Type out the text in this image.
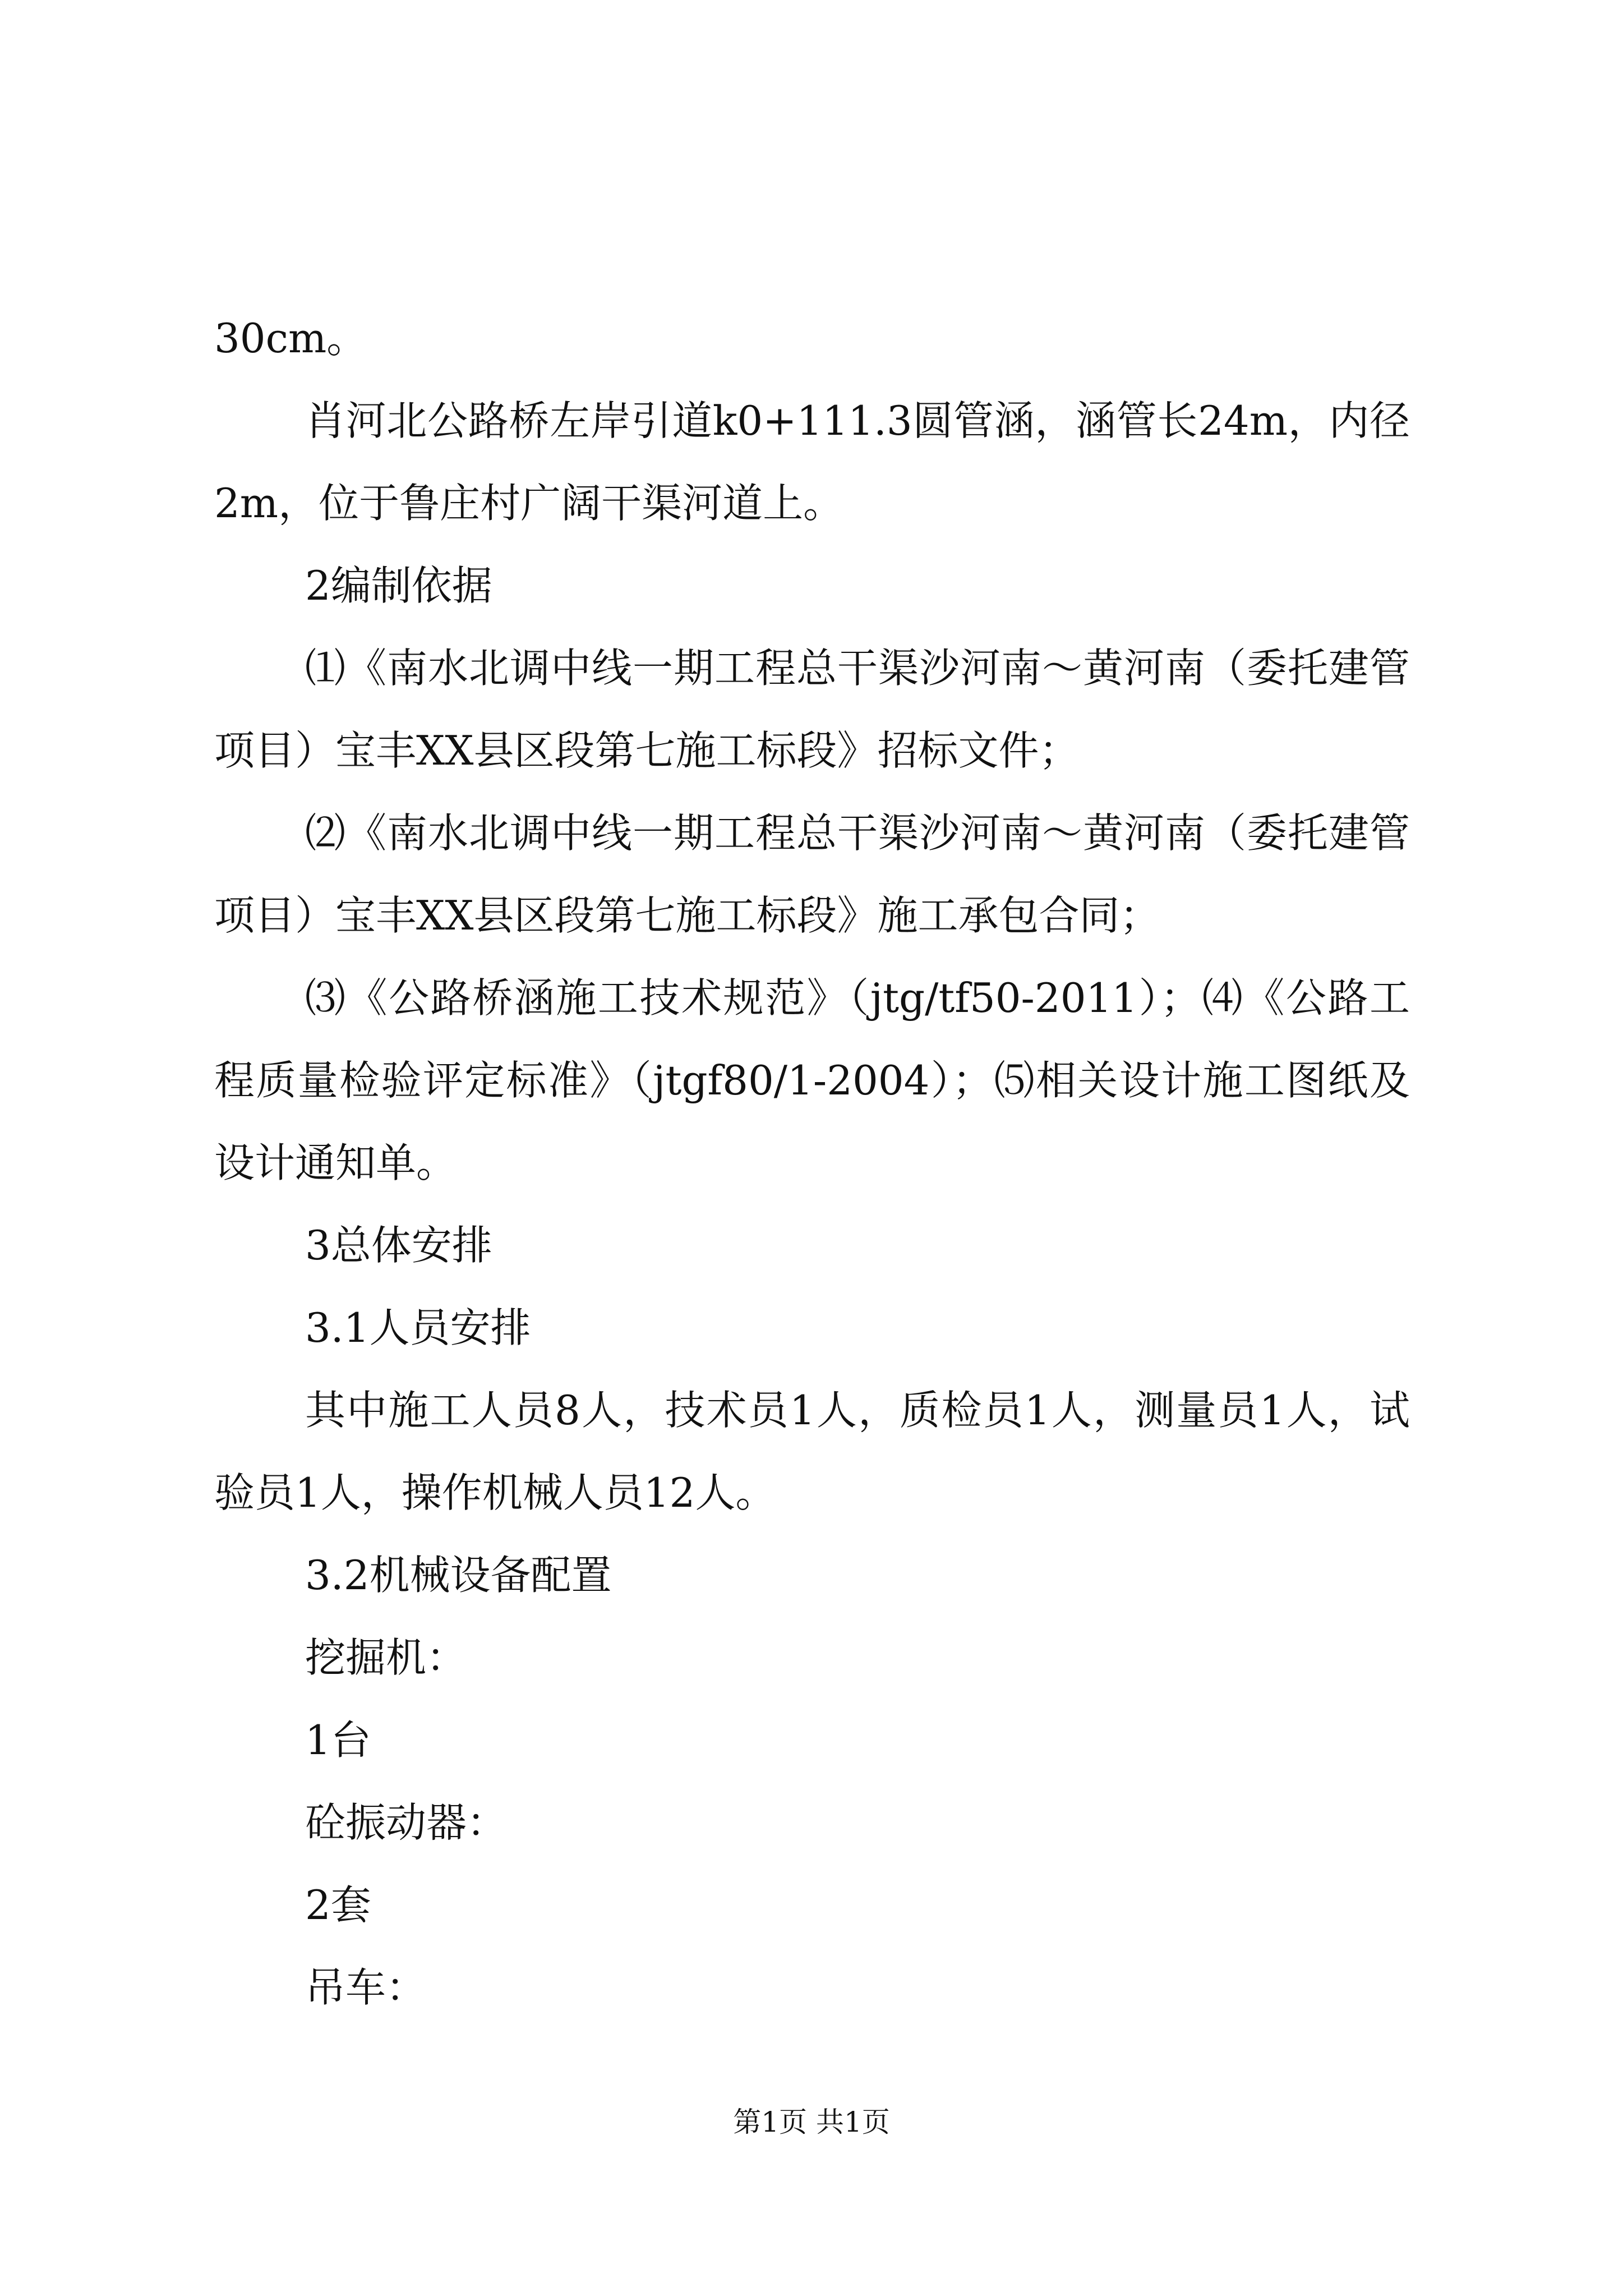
30cm。

肖河北公路桥左岸引道k0+111.3圆管涵，涵管长24m，内径2m，位于鲁庄村广阔干渠河道上。

2编制依据

⑴《南水北调中线一期工程总干渠沙河南～黄河南（委托建管项目）宝丰XX县区段第七施工标段》招标文件；

⑵《南水北调中线一期工程总干渠沙河南～黄河南（委托建管项目）宝丰XX县区段第七施工标段》施工承包合同；

⑶《公路桥涵施工技术规范》（jtg/tf50-2011）；⑷《公路工程质量检验评定标准》（jtgf80/1-2004）；⑸相关设计施工图纸及设计通知单。

3总体安排

3.1人员安排

其中施工人员8人，技术员1人，质检员1人，测量员1人，试验员1人，操作机械人员12人。

3.2机械设备配置

挖掘机：

1台

砼振动器：

2套

吊车：

第1页 共1页
